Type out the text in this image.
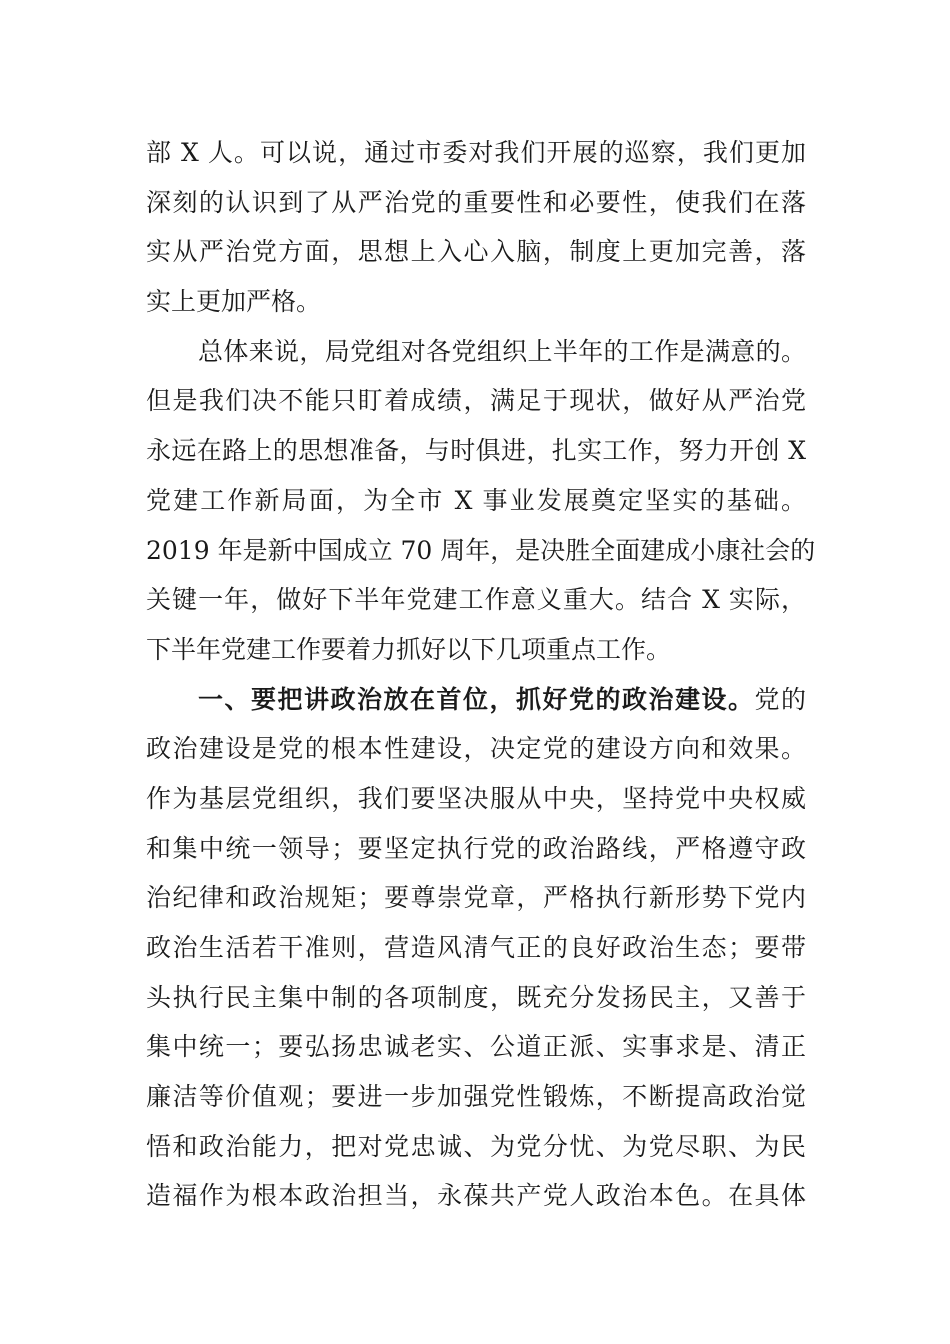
部 X 人。可以说，通过市委对我们开展的巡察，我们更加
深刻的认识到了从严治党的重要性和必要性，使我们在落
实从严治党方面，思想上入心入脑，制度上更加完善，落
实上更加严格。
总体来说，局党组对各党组织上半年的工作是满意的。
但是我们决不能只盯着成绩，满足于现状，做好从严治党
永远在路上的思想准备，与时俱进，扎实工作，努力开创 X
党建工作新局面，为全市 X 事业发展奠定坚实的基础。
2019 年是新中国成立 70 周年，是决胜全面建成小康社会的
关键一年，做好下半年党建工作意义重大。结合 X 实际，
下半年党建工作要着力抓好以下几项重点工作。
一、要把讲政治放在首位，抓好党的政治建设。党的
政治建设是党的根本性建设，决定党的建设方向和效果。
作为基层党组织，我们要坚决服从中央，坚持党中央权威
和集中统一领导；要坚定执行党的政治路线，严格遵守政
治纪律和政治规矩；要尊崇党章，严格执行新形势下党内
政治生活若干准则，营造风清气正的良好政治生态；要带
头执行民主集中制的各项制度，既充分发扬民主，又善于
集中统一；要弘扬忠诚老实、公道正派、实事求是、清正
廉洁等价值观；要进一步加强党性锻炼，不断提高政治觉
悟和政治能力，把对党忠诚、为党分忧、为党尽职、为民
造福作为根本政治担当，永葆共产党人政治本色。在具体
